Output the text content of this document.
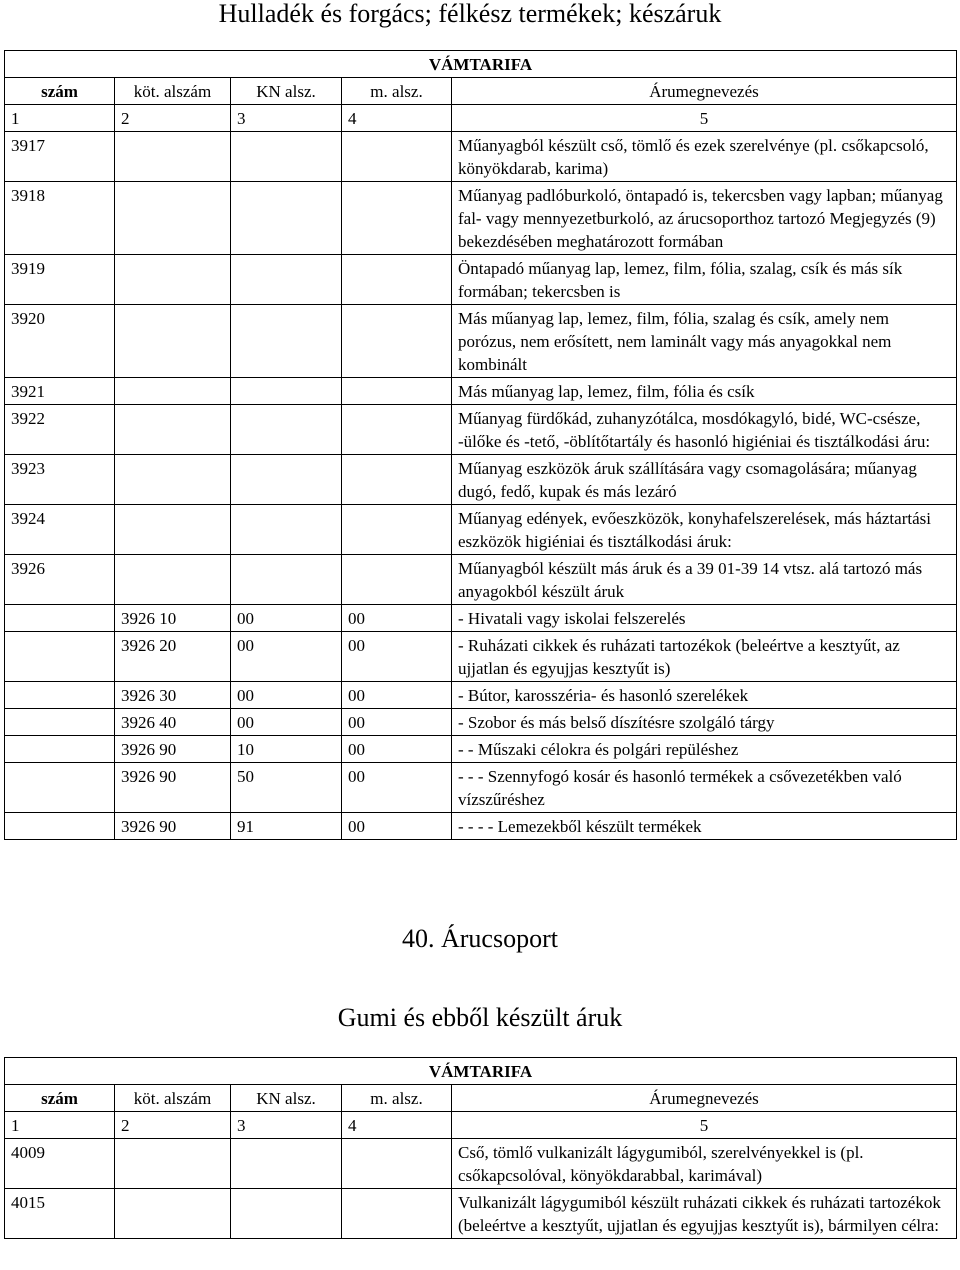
Hulladék és forgács; félkész termékek; készáruk
VÁMTARIFA				
szám	köt. alszám	KN alsz.	m. alsz.	Árumegnevezés
1	2	3	4	5
3917				Műanyagból készült cső, tömlő és ezek szerelvénye (pl. csőkapcsoló, könyökdarab, karima)
3918				Műanyag padlóburkoló, öntapadó is, tekercsben vagy lapban; műanyag fal- vagy mennyezetburkoló, az árucsoporthoz tartozó Megjegyzés (9) bekezdésében meghatározott formában
3919				Öntapadó műanyag lap, lemez, film, fólia, szalag, csík és más sík formában; tekercsben is
3920				Más műanyag lap, lemez, film, fólia, szalag és csík, amely nem porózus, nem erősített, nem laminált vagy más anyagokkal nem kombinált
3921				Más műanyag lap, lemez, film, fólia és csík
3922				Műanyag fürdőkád, zuhanyzótálca, mosdókagyló, bidé, WC-csésze, -ülőke és -tető, -öblítőtartály és hasonló higiéniai és tisztálkodási áru:
3923				Műanyag eszközök áruk szállítására vagy csomagolására; műanyag dugó, fedő, kupak és más lezáró
3924				Műanyag edények, evőeszközök, konyhafelszerelések, más háztartási eszközök higiéniai és tisztálkodási áruk:
3926				Műanyagból készült más áruk és a 39 01-39 14 vtsz. alá tartozó más anyagokból készült áruk
	3926 10	00	00	- Hivatali vagy iskolai felszerelés
	3926 20	00	00	- Ruházati cikkek és ruházati tartozékok (beleértve a kesztyűt, az ujjatlan és egyujjas kesztyűt is)
	3926 30	00	00	- Bútor, karosszéria- és hasonló szerelékek
	3926 40	00	00	- Szobor és más belső díszítésre szolgáló tárgy
	3926 90	10	00	- - Műszaki célokra és polgári repüléshez
	3926 90	50	00	- - - Szennyfogó kosár és hasonló termékek a csővezetékben való vízszűréshez
	3926 90	91	00	- - - - Lemezekből készült termékek
40. Árucsoport
Gumi és ebből készült áruk
VÁMTARIFA				
szám	köt. alszám	KN alsz.	m. alsz.	Árumegnevezés
1	2	3	4	5
4009				Cső, tömlő vulkanizált lágygumiból, szerelvényekkel is (pl. csőkapcsolóval, könyökdarabbal, karimával)
4015				Vulkanizált lágygumiból készült ruházati cikkek és ruházati tartozékok (beleértve a kesztyűt, ujjatlan és egyujjas kesztyűt is), bármilyen célra:
